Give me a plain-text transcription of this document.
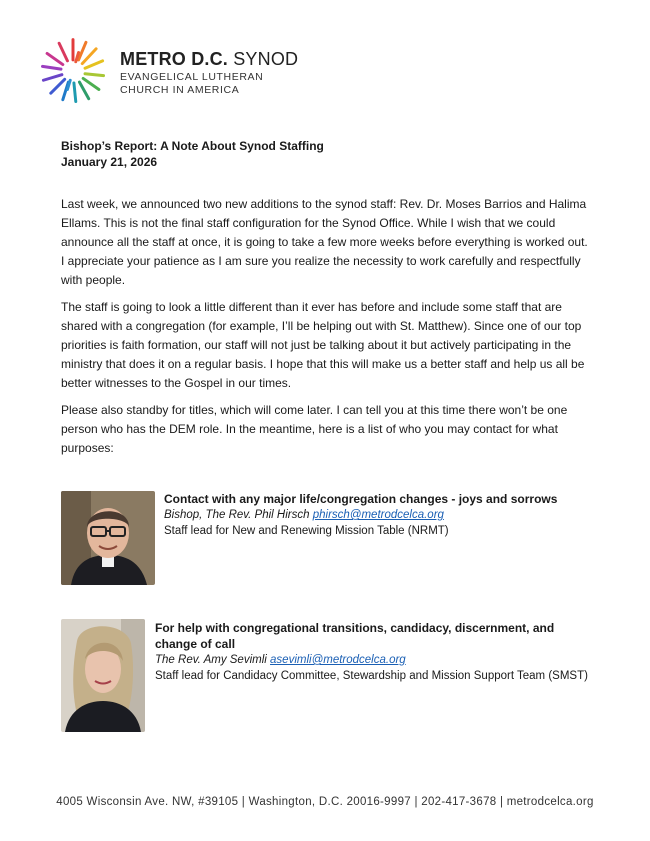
METRO D.C. SYNOD
EVANGELICAL LUTHERAN
CHURCH IN AMERICA
Bishop’s Report: A Note About Synod Staffing
January 21, 2026

Last week, we announced two new additions to the synod staff: Rev. Dr. Moses Barrios and Halima Ellams. This is not the final staff configuration for the Synod Office. While I wish that we could announce all the staff at once, it is going to take a few more weeks before everything is worked out. I appreciate your patience as I am sure you realize the necessity to work carefully and respectfully with people.

The staff is going to look a little different than it ever has before and include some staff that are shared with a congregation (for example, I’ll be helping out with St. Matthew). Since one of our top priorities is faith formation, our staff will not just be talking about it but actively participating in the ministry that does it on a regular basis. I hope that this will make us a better staff and help us all be better witnesses to the Gospel in our times.

Please also standby for titles, which will come later. I can tell you at this time there won’t be one person who has the DEM role. In the meantime, here is a list of who you may contact for what purposes:

Contact with any major life/congregation changes - joys and sorrows
Bishop, The Rev. Phil Hirsch phirsch@metrodcelca.org
Staff lead for New and Renewing Mission Table (NRMT)
For help with congregational transitions, candidacy, discernment, and change of call
The Rev. Amy Sevimli asevimli@metrodcelca.org
Staff lead for Candidacy Committee, Stewardship and Mission Support Team (SMST)
4005 Wisconsin Ave. NW, #39105 | Washington, D.C. 20016-9997 | 202-417-3678 | metrodcelca.org
